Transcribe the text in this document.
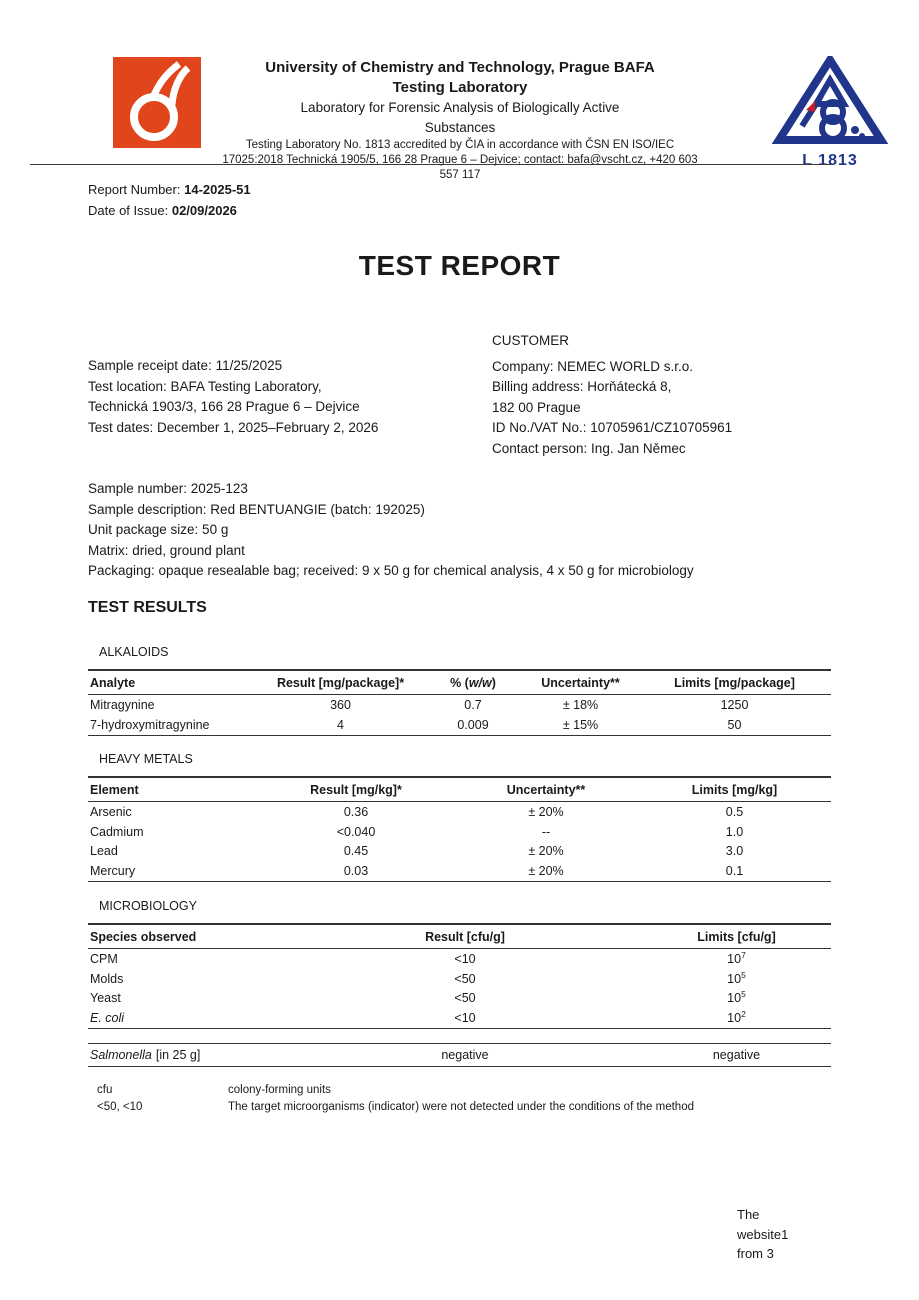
University of Chemistry and Technology, Prague BAFA
Testing Laboratory
Laboratory for Forensic Analysis of Biologically Active
Substances
Testing Laboratory No. 1813 accredited by ČIA in accordance with ČSN EN ISO/IEC
17025:2018 Technická 1905/5, 166 28 Prague 6 – Dejvice; contact: bafa@vscht.cz, +420 603
557 117
L 1813
Report Number: 14-2025-51
Date of Issue: 02/09/2026
TEST REPORT
Sample receipt date: 11/25/2025
Test location: BAFA Testing Laboratory,
Technická 1903/3, 166 28 Prague 6 – Dejvice
Test dates: December 1, 2025–February 2, 2026
CUSTOMER
Company: NEMEC WORLD s.r.o.
Billing address: Horňátecká 8,
182 00 Prague
ID No./VAT No.: 10705961/CZ10705961
Contact person: Ing. Jan Němec
Sample number: 2025-123
Sample description: Red BENTUANGIE (batch: 192025)
Unit package size: 50 g
Matrix: dried, ground plant
Packaging: opaque resealable bag; received: 9 x 50 g for chemical analysis, 4 x 50 g for microbiology
TEST RESULTS
ALKALOIDS
Analyte	Result [mg/package]*	% (w/w)	Uncertainty**	Limits [mg/package]
Mitragynine	360	0.7	± 18%	1250
7-hydroxymitragynine	4	0.009	± 15%	50
HEAVY METALS
Element	Result [mg/kg]*	Uncertainty**	Limits [mg/kg]
Arsenic	0.36	± 20%	0.5
Cadmium	<0.040	--	1.0
Lead	0.45	± 20%	3.0
Mercury	0.03	± 20%	0.1
MICROBIOLOGY
Species observed	Result [cfu/g]	Limits [cfu/g]
CPM	<10	$10^7$
Molds	<50	$10^5$
Yeast	<50	$10^5$
E. coli	<10	$10^2$
Salmonella [in 25 g]	negative	negative
cfu	colony-forming units
<50, <10	The target microorganisms (indicator) were not detected under the conditions of the method
The
website1
from 3
